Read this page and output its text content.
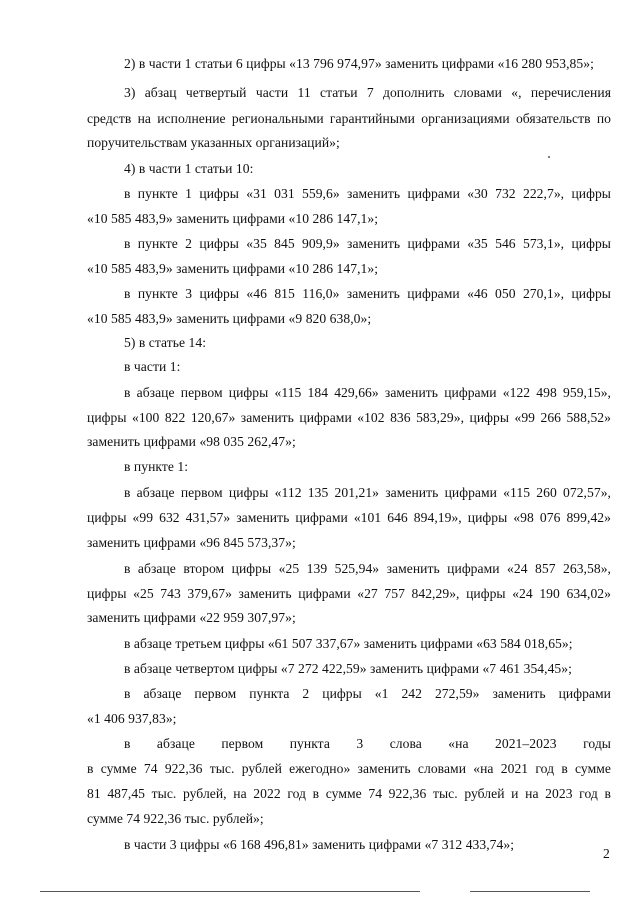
2) в части 1 статьи 6 цифры «13 796 974,97» заменить цифрами «16 280 953,85»;

3) абзац четвертый части 11 статьи 7 дополнить словами «, перечисления

средств на исполнение региональными гарантийными организациями обязательств по

поручительствам указанных организаций»;

4) в части 1 статьи 10:

в пункте 1 цифры «31 031 559,6» заменить цифрами «30 732 222,7», цифры

«10 585 483,9» заменить цифрами «10 286 147,1»;

в пункте 2 цифры «35 845 909,9» заменить цифрами «35 546 573,1», цифры

«10 585 483,9» заменить цифрами «10 286 147,1»;

в пункте 3 цифры «46 815 116,0» заменить цифрами «46 050 270,1», цифры

«10 585 483,9» заменить цифрами «9 820 638,0»;

5) в статье 14:

в части 1:

в абзаце первом цифры «115 184 429,66» заменить цифрами «122 498 959,15»,

цифры «100 822 120,67» заменить цифрами «102 836 583,29», цифры «99 266 588,52»

заменить цифрами «98 035 262,47»;

в пункте 1:

в абзаце первом цифры «112 135 201,21» заменить цифрами «115 260 072,57»,

цифры «99 632 431,57» заменить цифрами «101 646 894,19», цифры «98 076 899,42»

заменить цифрами «96 845 573,37»;

в абзаце втором цифры «25 139 525,94» заменить цифрами «24 857 263,58»,

цифры «25 743 379,67» заменить цифрами «27 757 842,29», цифры «24 190 634,02»

заменить цифрами «22 959 307,97»;

в абзаце третьем цифры «61 507 337,67» заменить цифрами «63 584 018,65»;

в абзаце четвертом цифры «7 272 422,59» заменить цифрами «7 461 354,45»;

в абзаце первом пункта 2 цифры «1 242 272,59» заменить цифрами

«1 406 937,83»;

в абзаце первом пункта 3 слова «на 2021–2023 годы

в сумме 74 922,36 тыс. рублей ежегодно» заменить словами «на 2021 год в сумме

81 487,45 тыс. рублей, на 2022 год в сумме 74 922,36 тыс. рублей и на 2023 год в

сумме 74 922,36 тыс. рублей»;

в части 3 цифры «6 168 496,81» заменить цифрами «7 312 433,74»;

2
